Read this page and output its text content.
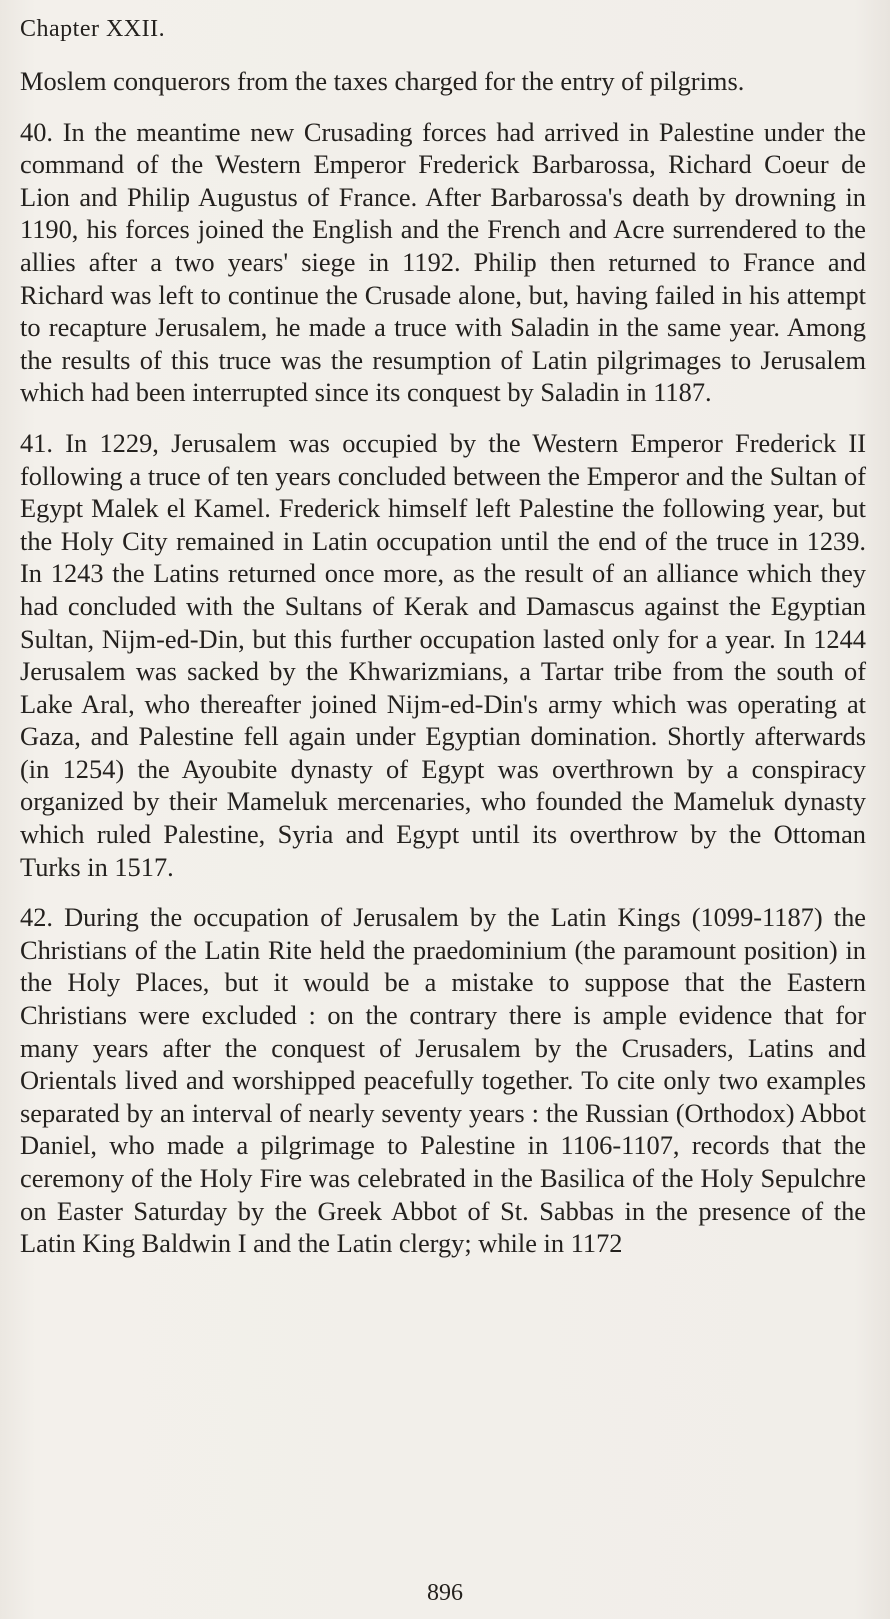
Chapter XXII.

Moslem conquerors from the taxes charged for the entry of pilgrims.

40. In the meantime new Crusading forces had arrived in Palestine under the command of the Western Emperor Frederick Barbarossa, Richard Coeur de Lion and Philip Augustus of France. After Barbarossa's death by drowning in 1190, his forces joined the English and the French and Acre surrendered to the allies after a two years' siege in 1192. Philip then returned to France and Richard was left to continue the Crusade alone, but, having failed in his attempt to recapture Jerusalem, he made a truce with Saladin in the same year. Among the results of this truce was the resumption of Latin pilgrimages to Jerusalem which had been interrupted since its conquest by Saladin in 1187.

41. In 1229, Jerusalem was occupied by the Western Emperor Frederick II following a truce of ten years concluded between the Emperor and the Sultan of Egypt Malek el Kamel. Frederick himself left Palestine the following year, but the Holy City remained in Latin occupation until the end of the truce in 1239. In 1243 the Latins returned once more, as the result of an alliance which they had concluded with the Sultans of Kerak and Damascus against the Egyptian Sultan, Nijm-ed-Din, but this further occupation lasted only for a year. In 1244 Jerusalem was sacked by the Khwarizmians, a Tartar tribe from the south of Lake Aral, who thereafter joined Nijm-ed-Din's army which was operating at Gaza, and Palestine fell again under Egyptian domination. Shortly afterwards (in 1254) the Ayoubite dynasty of Egypt was overthrown by a conspiracy organized by their Mameluk mercenaries, who founded the Mameluk dynasty which ruled Palestine, Syria and Egypt until its overthrow by the Ottoman Turks in 1517.

42. During the occupation of Jerusalem by the Latin Kings (1099-1187) the Christians of the Latin Rite held the praedominium (the paramount position) in the Holy Places, but it would be a mistake to suppose that the Eastern Christians were excluded : on the contrary there is ample evidence that for many years after the conquest of Jerusalem by the Crusaders, Latins and Orientals lived and worshipped peacefully together. To cite only two examples separated by an interval of nearly seventy years : the Russian (Orthodox) Abbot Daniel, who made a pilgrimage to Palestine in 1106-1107, records that the ceremony of the Holy Fire was celebrated in the Basilica of the Holy Sepulchre on Easter Saturday by the Greek Abbot of St. Sabbas in the presence of the Latin King Baldwin I and the Latin clergy; while in 1172

896
